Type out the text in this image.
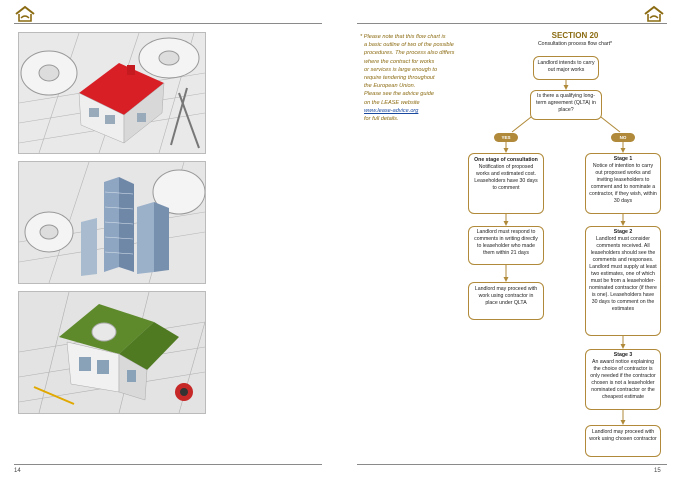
14	15
* Please note that this flow chart is
a basic outline of two of the possible
procedures. The process also differs
where the contract for works
or services is large enough to
require tendering throughout
the European Union.
Please see the advice guide
on the LEASE website
www.lease-advice.org
for full details.
SECTION 20
Consultation process flow chart*
Landlord intends to carry out major works
Is there a qualifying long-term agreement (QLTA) in place?
YES	NO
One stage of consultation
Notification of proposed works and estimated cost. Leaseholders have 30 days to comment
Landlord must respond to comments in writing directly to leaseholder who made them within 21 days
Landlord may proceed with work using contractor in place under QLTA
Stage 1
Notice of intention to carry out proposed works and inviting leaseholders to comment and to nominate a contractor, if they wish, within 30 days
Stage 2
Landlord must consider comments received. All leaseholders should see the comments and responses. Landlord must supply at least two estimates, one of which must be from a leaseholder-nominated contractor (if there is one). Leaseholders have 30 days to comment on the estimates
Stage 3
An award notice explaining the choice of contractor is only needed if the contractor chosen is not a leaseholder nominated contractor or the cheapest estimate
Landlord may proceed with work using chosen contractor
